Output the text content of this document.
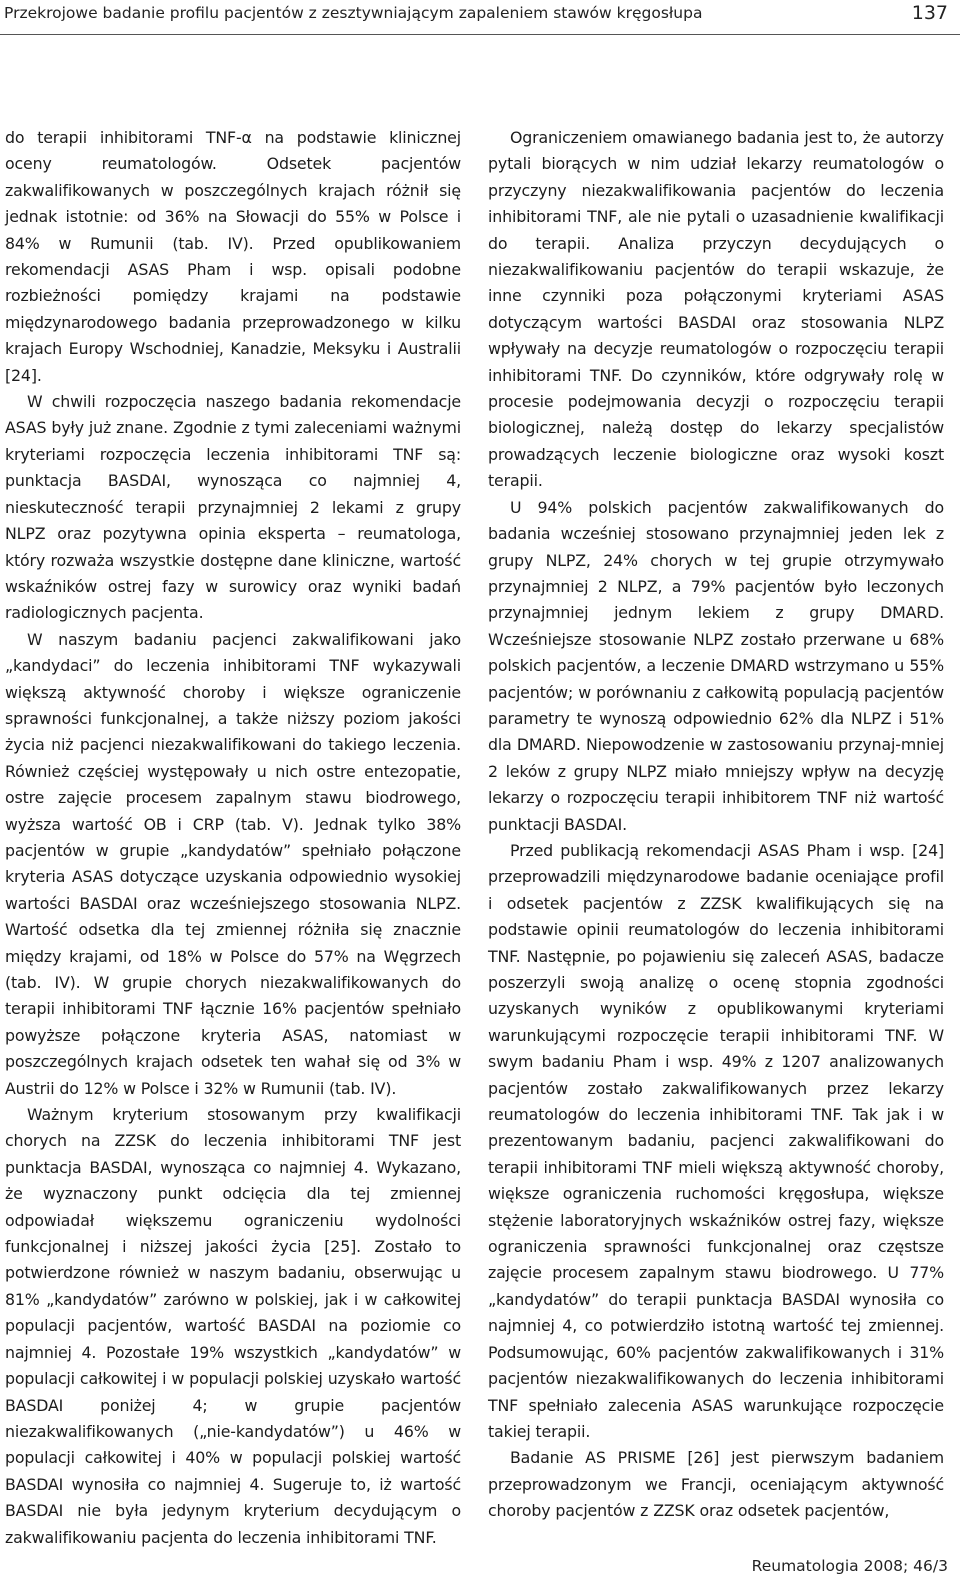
Przekrojowe badanie profilu pacjentów z zesztywniającym zapaleniem stawów kręgosłupa	137

do terapii inhibitorami TNF-α na podstawie klinicznej oceny reumatologów. Odsetek pacjentów zakwalifikowanych w poszczególnych krajach różnił się jednak istotnie: od 36% na Słowacji do 55% w Polsce i 84% w Rumunii (tab. IV). Przed opublikowaniem rekomendacji ASAS Pham i wsp. opisali podobne rozbieżności pomiędzy krajami na podstawie międzynarodowego badania przeprowadzonego w kilku krajach Europy Wschodniej, Kanadzie, Meksyku i Australii [24].

W chwili rozpoczęcia naszego badania rekomendacje ASAS były już znane. Zgodnie z tymi zaleceniami ważnymi kryteriami rozpoczęcia leczenia inhibitorami TNF są: punktacja BASDAI, wynosząca co najmniej 4, nieskuteczność terapii przynajmniej 2 lekami z grupy NLPZ oraz pozytywna opinia eksperta – reumatologa, który rozważa wszystkie dostępne dane kliniczne, wartość wskaźników ostrej fazy w surowicy oraz wyniki badań radiologicznych pacjenta.

W naszym badaniu pacjenci zakwalifikowani jako „kandydaci” do leczenia inhibitorami TNF wykazywali większą aktywność choroby i większe ograniczenie sprawności funkcjonalnej, a także niższy poziom jakości życia niż pacjenci niezakwalifikowani do takiego leczenia. Również częściej występowały u nich ostre entezopatie, ostre zajęcie procesem zapalnym stawu biodrowego, wyższa wartość OB i CRP (tab. V). Jednak tylko 38% pacjentów w grupie „kandydatów” spełniało połączone kryteria ASAS dotyczące uzyskania odpowiednio wysokiej wartości BASDAI oraz wcześniejszego stosowania NLPZ. Wartość odsetka dla tej zmiennej różniła się znacznie między krajami, od 18% w Polsce do 57% na Węgrzech (tab. IV). W grupie chorych niezakwalifikowanych do terapii inhibitorami TNF łącznie 16% pacjentów spełniało powyższe połączone kryteria ASAS, natomiast w poszczególnych krajach odsetek ten wahał się od 3% w Austrii do 12% w Polsce i 32% w Rumunii (tab. IV).

Ważnym kryterium stosowanym przy kwalifikacji chorych na ZZSK do leczenia inhibitorami TNF jest punktacja BASDAI, wynosząca co najmniej 4. Wykazano, że wyznaczony punkt odcięcia dla tej zmiennej odpowiadał większemu ograniczeniu wydolności funkcjonalnej i niższej jakości życia [25]. Zostało to potwierdzone również w naszym badaniu, obserwując u 81% „kandydatów” zarówno w polskiej, jak i w całkowitej populacji pacjentów, wartość BASDAI na poziomie co najmniej 4. Pozostałe 19% wszystkich „kandydatów” w populacji całkowitej i w populacji polskiej uzyskało wartość BASDAI poniżej 4; w grupie pacjentów niezakwalifikowanych („nie-kandydatów”) u 46% w populacji całkowitej i 40% w populacji polskiej wartość BASDAI wynosiła co najmniej 4. Sugeruje to, iż wartość BASDAI nie była jedynym kryterium decydującym o zakwalifikowaniu pacjenta do leczenia inhibitorami TNF.

Ograniczeniem omawianego badania jest to, że autorzy pytali biorących w nim udział lekarzy reumatologów o przyczyny niezakwalifikowania pacjentów do leczenia inhibitorami TNF, ale nie pytali o uzasadnienie kwalifikacji do terapii. Analiza przyczyn decydujących o niezakwalifikowaniu pacjentów do terapii wskazuje, że inne czynniki poza połączonymi kryteriami ASAS dotyczącym wartości BASDAI oraz stosowania NLPZ wpływały na decyzje reumatologów o rozpoczęciu terapii inhibitorami TNF. Do czynników, które odgrywały rolę w procesie podejmowania decyzji o rozpoczęciu terapii biologicznej, należą dostęp do lekarzy specjalistów prowadzących leczenie biologiczne oraz wysoki koszt terapii.

U 94% polskich pacjentów zakwalifikowanych do badania wcześniej stosowano przynajmniej jeden lek z grupy NLPZ, 24% chorych w tej grupie otrzymywało przynajmniej 2 NLPZ, a 79% pacjentów było leczonych przynajmniej jednym lekiem z grupy DMARD. Wcześniejsze stosowanie NLPZ zostało przerwane u 68% polskich pacjentów, a leczenie DMARD wstrzymano u 55% pacjentów; w porównaniu z całkowitą populacją pacjentów parametry te wynoszą odpowiednio 62% dla NLPZ i 51% dla DMARD. Niepowodzenie w zastosowaniu przynaj-mniej 2 leków z grupy NLPZ miało mniejszy wpływ na decyzję lekarzy o rozpoczęciu terapii inhibitorem TNF niż wartość punktacji BASDAI.

Przed publikacją rekomendacji ASAS Pham i wsp. [24] przeprowadzili międzynarodowe badanie oceniające profil i odsetek pacjentów z ZZSK kwalifikujących się na podstawie opinii reumatologów do leczenia inhibitorami TNF. Następnie, po pojawieniu się zaleceń ASAS, badacze poszerzyli swoją analizę o ocenę stopnia zgodności uzyskanych wyników z opublikowanymi kryteriami warunkującymi rozpoczęcie terapii inhibitorami TNF. W swym badaniu Pham i wsp. 49% z 1207 analizowanych pacjentów zostało zakwalifikowanych przez lekarzy reumatologów do leczenia inhibitorami TNF. Tak jak i w prezentowanym badaniu, pacjenci zakwalifikowani do terapii inhibitorami TNF mieli większą aktywność choroby, większe ograniczenia ruchomości kręgosłupa, większe stężenie laboratoryjnych wskaźników ostrej fazy, większe ograniczenia sprawności funkcjonalnej oraz częstsze zajęcie procesem zapalnym stawu biodrowego. U 77% „kandydatów” do terapii punktacja BASDAI wynosiła co najmniej 4, co potwierdziło istotną wartość tej zmiennej. Podsumowując, 60% pacjentów zakwalifikowanych i 31% pacjentów niezakwalifikowanych do leczenia inhibitorami TNF spełniało zalecenia ASAS warunkujące rozpoczęcie takiej terapii.

Badanie AS PRISME [26] jest pierwszym badaniem przeprowadzonym we Francji, oceniającym aktywność choroby pacjentów z ZZSK oraz odsetek pacjentów,

Reumatologia 2008; 46/3
